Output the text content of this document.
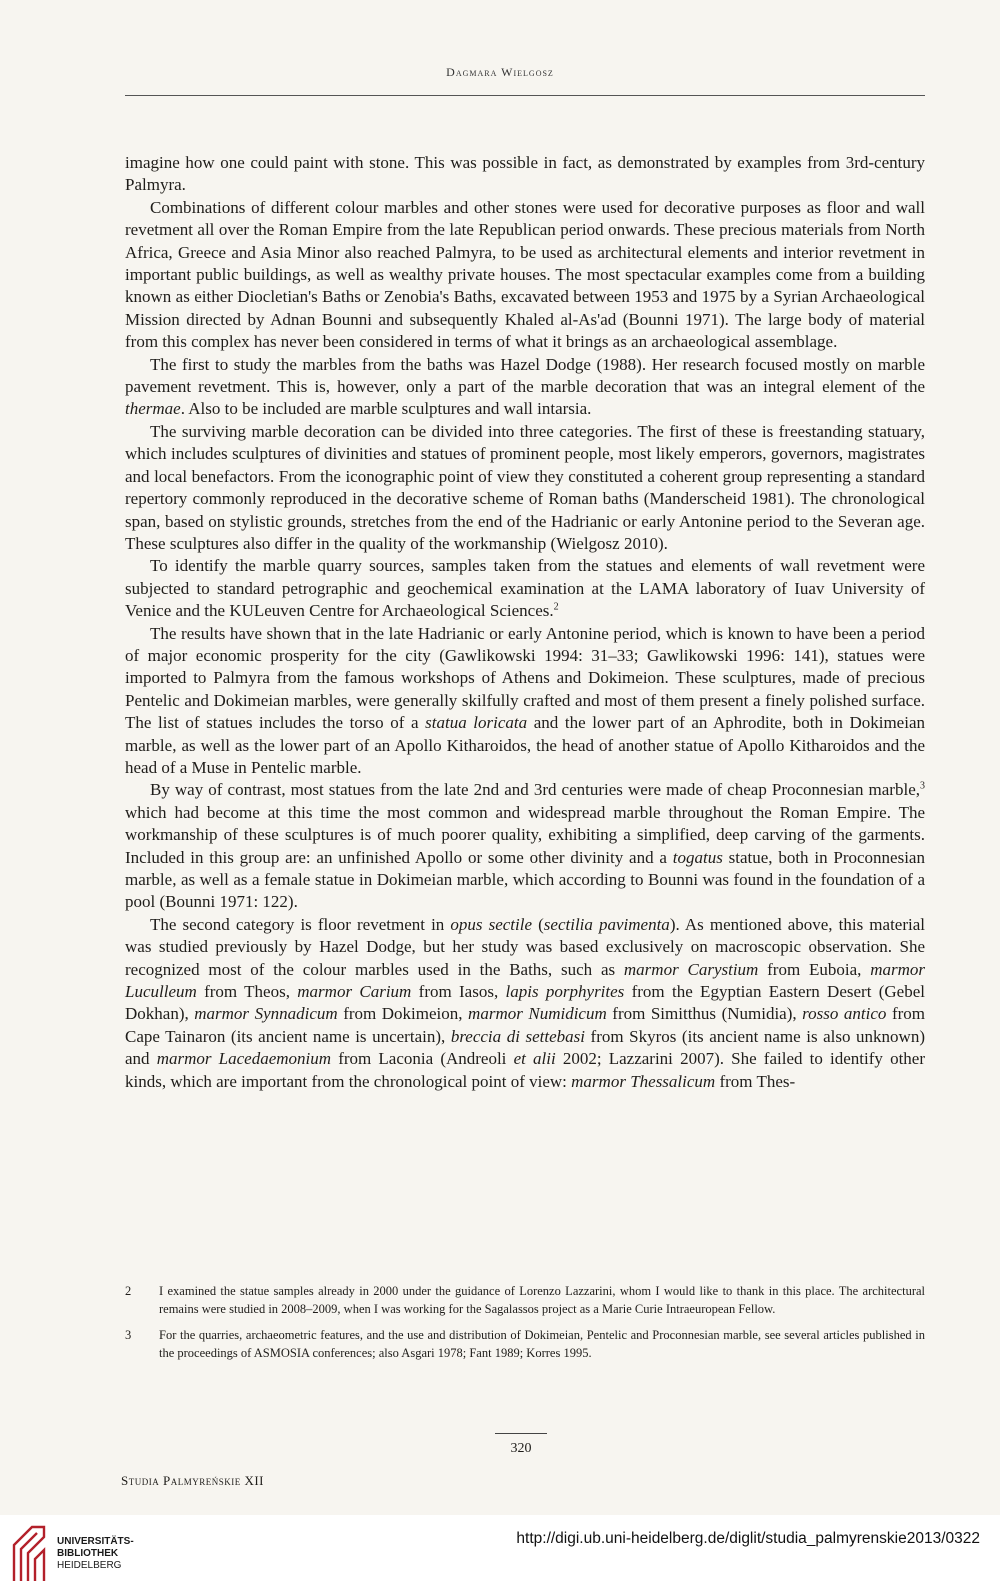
Dagmara Wielgosz

imagine how one could paint with stone. This was possible in fact, as demonstrated by examples from 3rd-century Palmyra.

Combinations of different colour marbles and other stones were used for decorative purposes as floor and wall revetment all over the Roman Empire from the late Republican period onwards. These precious materials from North Africa, Greece and Asia Minor also reached Palmyra, to be used as architectural elements and interior revetment in important public buildings, as well as wealthy private houses. The most spectacular examples come from a building known as either Diocletian's Baths or Zenobia's Baths, excavated between 1953 and 1975 by a Syrian Archaeological Mission directed by Adnan Bounni and subsequently Khaled al-As'ad (Bounni 1971). The large body of material from this complex has never been considered in terms of what it brings as an archaeological assemblage.

The first to study the marbles from the baths was Hazel Dodge (1988). Her research focused mostly on marble pavement revetment. This is, however, only a part of the marble decoration that was an integral element of the thermae. Also to be included are marble sculptures and wall intarsia.

The surviving marble decoration can be divided into three categories. The first of these is freestanding statuary, which includes sculptures of divinities and statues of prominent people, most likely emperors, governors, magistrates and local benefactors. From the iconographic point of view they constituted a coherent group representing a standard repertory commonly reproduced in the decorative scheme of Roman baths (Manderscheid 1981). The chronological span, based on stylistic grounds, stretches from the end of the Hadrianic or early Antonine period to the Severan age. These sculptures also differ in the quality of the workmanship (Wielgosz 2010).

To identify the marble quarry sources, samples taken from the statues and elements of wall revetment were subjected to standard petrographic and geochemical examination at the LAMA laboratory of Iuav University of Venice and the KULeuven Centre for Archaeological Sciences.$^2$

The results have shown that in the late Hadrianic or early Antonine period, which is known to have been a period of major economic prosperity for the city (Gawlikowski 1994: 31–33; Gawlikowski 1996: 141), statues were imported to Palmyra from the famous workshops of Athens and Dokimeion. These sculptures, made of precious Pentelic and Dokimeian marbles, were generally skilfully crafted and most of them present a finely polished surface. The list of statues includes the torso of a statua loricata and the lower part of an Aphrodite, both in Dokimeian marble, as well as the lower part of an Apollo Kitharoidos, the head of another statue of Apollo Kitharoidos and the head of a Muse in Pentelic marble.

By way of contrast, most statues from the late 2nd and 3rd centuries were made of cheap Proconnesian marble,$^3$ which had become at this time the most common and widespread marble throughout the Roman Empire. The workmanship of these sculptures is of much poorer quality, exhibiting a simplified, deep carving of the garments. Included in this group are: an unfinished Apollo or some other divinity and a togatus statue, both in Proconnesian marble, as well as a female statue in Dokimeian marble, which according to Bounni was found in the foundation of a pool (Bounni 1971: 122).

The second category is floor revetment in opus sectile (sectilia pavimenta). As mentioned above, this material was studied previously by Hazel Dodge, but her study was based exclusively on macroscopic observation. She recognized most of the colour marbles used in the Baths, such as marmor Carystium from Euboia, marmor Luculleum from Theos, marmor Carium from Iasos, lapis porphyrites from the Egyptian Eastern Desert (Gebel Dokhan), marmor Synnadicum from Dokimeion, marmor Numidicum from Simitthus (Numidia), rosso antico from Cape Tainaron (its ancient name is uncertain), breccia di settebasi from Skyros (its ancient name is also unknown) and marmor Lacedaemonium from Laconia (Andreoli et alii 2002; Lazzarini 2007). She failed to identify other kinds, which are important from the chronological point of view: marmor Thessalicum from Thes-

2 I examined the statue samples already in 2000 under the guidance of Lorenzo Lazzarini, whom I would like to thank in this place. The architectural remains were studied in 2008–2009, when I was working for the Sagalassos project as a Marie Curie Intraeuropean Fellow.
3 For the quarries, archaeometric features, and the use and distribution of Dokimeian, Pentelic and Proconnesian marble, see several articles published in the proceedings of ASMOSIA conferences; also Asgari 1978; Fant 1989; Korres 1995.
320
Studia Palmyreńskie XII
UNIVERSITÄTS-
BIBLIOTHEK
HEIDELBERG
http://digi.ub.uni-heidelberg.de/diglit/studia_palmyrenskie2013/0322
